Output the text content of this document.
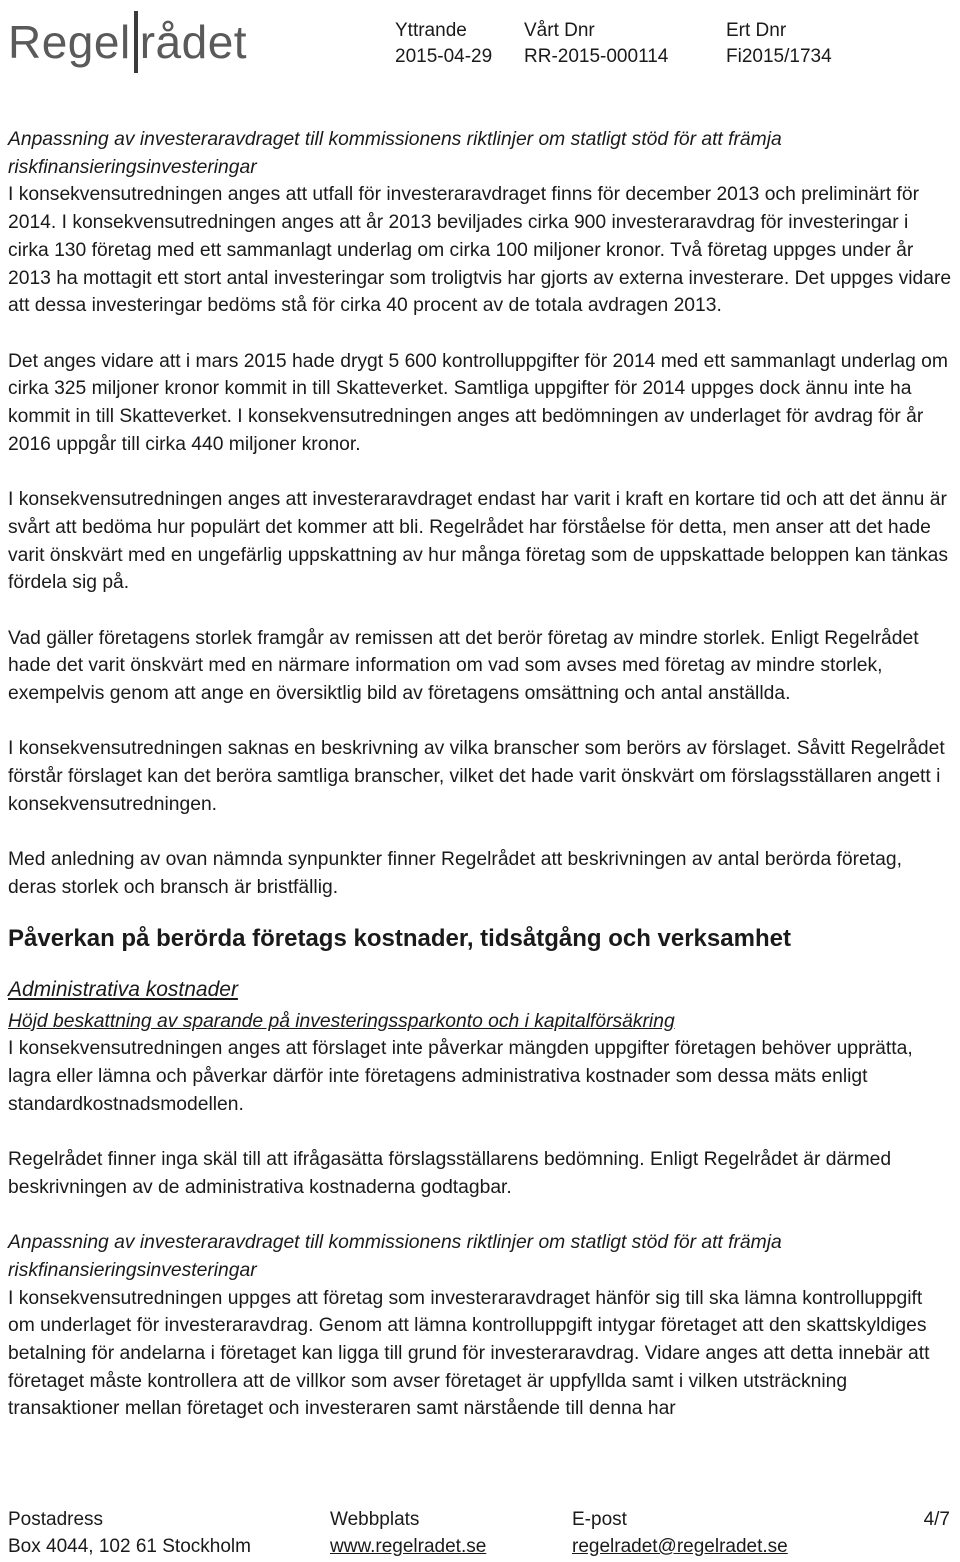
Regel rådet	Yttrande
2015-04-29
Vårt Dnr
RR-2015-000114
Ert Dnr
Fi2015/1734

Anpassning av investeraravdraget till kommissionens riktlinjer om statligt stöd för att främja riskfinansieringsinvesteringar

I konsekvensutredningen anges att utfall för investeraravdraget finns för december 2013 och preliminärt för 2014. I konsekvensutredningen anges att år 2013 beviljades cirka 900 investeraravdrag för investeringar i cirka 130 företag med ett sammanlagt underlag om cirka 100 miljoner kronor. Två företag uppges under år 2013 ha mottagit ett stort antal investeringar som troligtvis har gjorts av externa investerare. Det uppges vidare att dessa investeringar bedöms stå för cirka 40 procent av de totala avdragen 2013.

Det anges vidare att i mars 2015 hade drygt 5 600 kontrolluppgifter för 2014 med ett sammanlagt underlag om cirka 325 miljoner kronor kommit in till Skatteverket. Samtliga uppgifter för 2014 uppges dock ännu inte ha kommit in till Skatteverket. I konsekvensutredningen anges att bedömningen av underlaget för avdrag för år 2016 uppgår till cirka 440 miljoner kronor.

I konsekvensutredningen anges att investeraravdraget endast har varit i kraft en kortare tid och att det ännu är svårt att bedöma hur populärt det kommer att bli. Regelrådet har förståelse för detta, men anser att det hade varit önskvärt med en ungefärlig uppskattning av hur många företag som de uppskattade beloppen kan tänkas fördela sig på.

Vad gäller företagens storlek framgår av remissen att det berör företag av mindre storlek. Enligt Regelrådet hade det varit önskvärt med en närmare information om vad som avses med företag av mindre storlek, exempelvis genom att ange en översiktlig bild av företagens omsättning och antal anställda.

I konsekvensutredningen saknas en beskrivning av vilka branscher som berörs av förslaget. Såvitt Regelrådet förstår förslaget kan det beröra samtliga branscher, vilket det hade varit önskvärt om förslagsställaren angett i konsekvensutredningen.

Med anledning av ovan nämnda synpunkter finner Regelrådet att beskrivningen av antal berörda företag, deras storlek och bransch är bristfällig.

Påverkan på berörda företags kostnader, tidsåtgång och verksamhet

Administrativa kostnader

Höjd beskattning av sparande på investeringssparkonto och i kapitalförsäkring

I konsekvensutredningen anges att förslaget inte påverkar mängden uppgifter företagen behöver upprätta, lagra eller lämna och påverkar därför inte företagens administrativa kostnader som dessa mäts enligt standardkostnadsmodellen.

Regelrådet finner inga skäl till att ifrågasätta förslagsställarens bedömning. Enligt Regelrådet är därmed beskrivningen av de administrativa kostnaderna godtagbar.

Anpassning av investeraravdraget till kommissionens riktlinjer om statligt stöd för att främja riskfinansieringsinvesteringar

I konsekvensutredningen uppges att företag som investeraravdraget hänför sig till ska lämna kontrolluppgift om underlaget för investeraravdrag. Genom att lämna kontrolluppgift intygar företaget att den skattskyldiges betalning för andelarna i företaget kan ligga till grund för investeraravdrag. Vidare anges att detta innebär att företaget måste kontrollera att de villkor som avser företaget är uppfyllda samt i vilken utsträckning transaktioner mellan företaget och investeraren samt närstående till denna har

Postadress
Box 4044, 102 61 Stockholm
Webbplats
www.regelradet.se
E-post
regelradet@regelradet.se
4/7
